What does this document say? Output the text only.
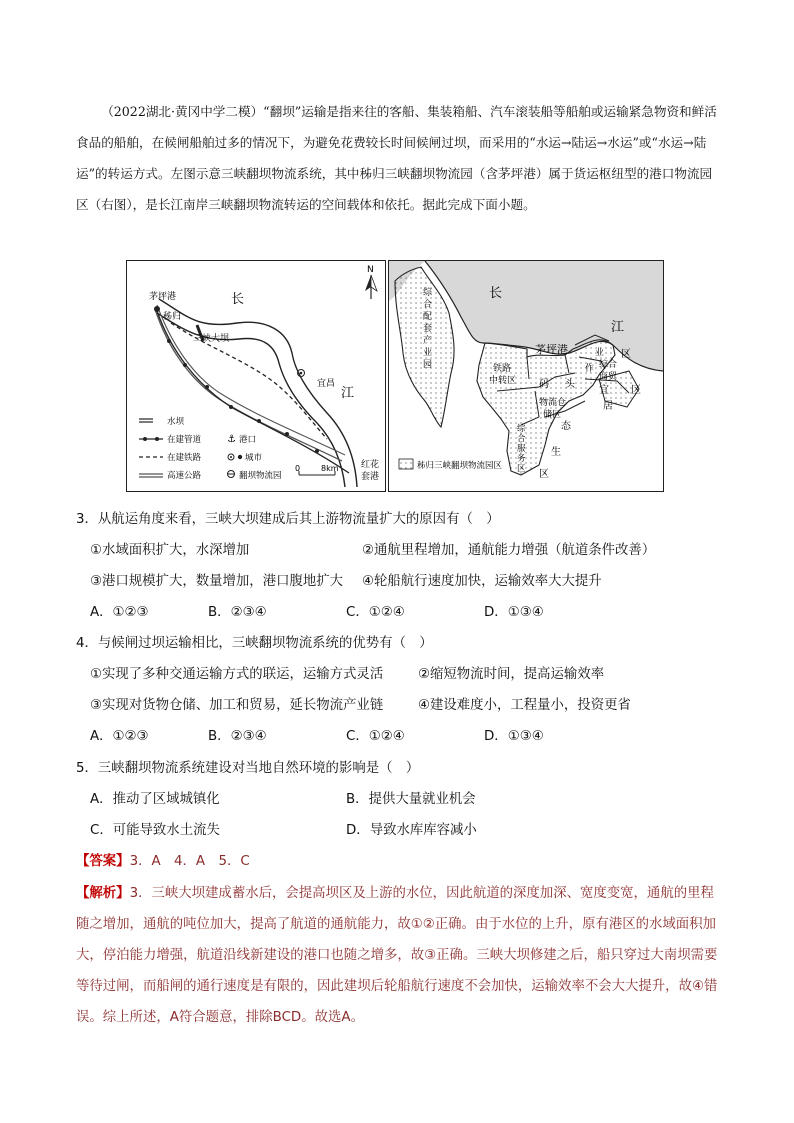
（2022湖北·黄冈中学二模）“翻坝”运输是指来往的客船、集装箱船、汽车滚装船等船舶或运输紧急物资和鲜活食品的船舶，在候闸船舶过多的情况下，为避免花费较长时间候闸过坝，而采用的“水运→陆运→水运”或“水运→陆运”的转运方式。左图示意三峡翻坝物流系统，其中秭归三峡翻坝物流园（含茅坪港）属于货运枢纽型的港口物流园区（右图），是长江南岸三峡翻坝物流转运的空间载体和依托。据此完成下面小题。

N
茅坪港
秭归
三峡大坝
长
江
宜昌
红花
套港
0	8km
水坝
在建管道	⚓ 港口
在建铁路	城市
高速公路	翻坝物流园
长
江
茅坪港
综
合
配
套
产
业
园	铁路
中转区 码 头
业
作 综合
商贸
区
物流仓
储区
宜
居
区
综
合
服
务
区
态
生
区
秭归三峡翻坝物流园区
3．从航运角度来看，三峡大坝建成后其上游物流量扩大的原因有（　）
①水域面积扩大，水深增加	②通航里程增加，通航能力增强（航道条件改善）
③港口规模扩大，数量增加，港口腹地扩大 ④轮船航行速度加快，运输效率大大提升
A．①②③	B．②③④	C．①②④	D．①③④
4．与候闸过坝运输相比，三峡翻坝物流系统的优势有（　）
①实现了多种交通运输方式的联运，运输方式灵活	②缩短物流时间，提高运输效率
③实现对货物仓储、加工和贸易，延长物流产业链	④建设难度小，工程量小，投资更省
A．①②③	B．②③④	C．①②④	D．①③④
5．三峡翻坝物流系统建设对当地自然环境的影响是（　）
A．推动了区域城镇化	B．提供大量就业机会
C．可能导致水土流失	D．导致水库库容减小
【答案】3．A　4．A　5．C
【解析】3．三峡大坝建成蓄水后，会提高坝区及上游的水位，因此航道的深度加深、宽度变宽，通航的里程随之增加，通航的吨位加大，提高了航道的通航能力，故①②正确。由于水位的上升，原有港区的水域面积加大，停泊能力增强，航道沿线新建设的港口也随之增多，故③正确。三峡大坝修建之后，船只穿过大南坝需要等待过闸，而船闸的通行速度是有限的，因此建坝后轮船航行速度不会加快，运输效率不会大大提升，故④错误。综上所述，A符合题意，排除BCD。故选A。
